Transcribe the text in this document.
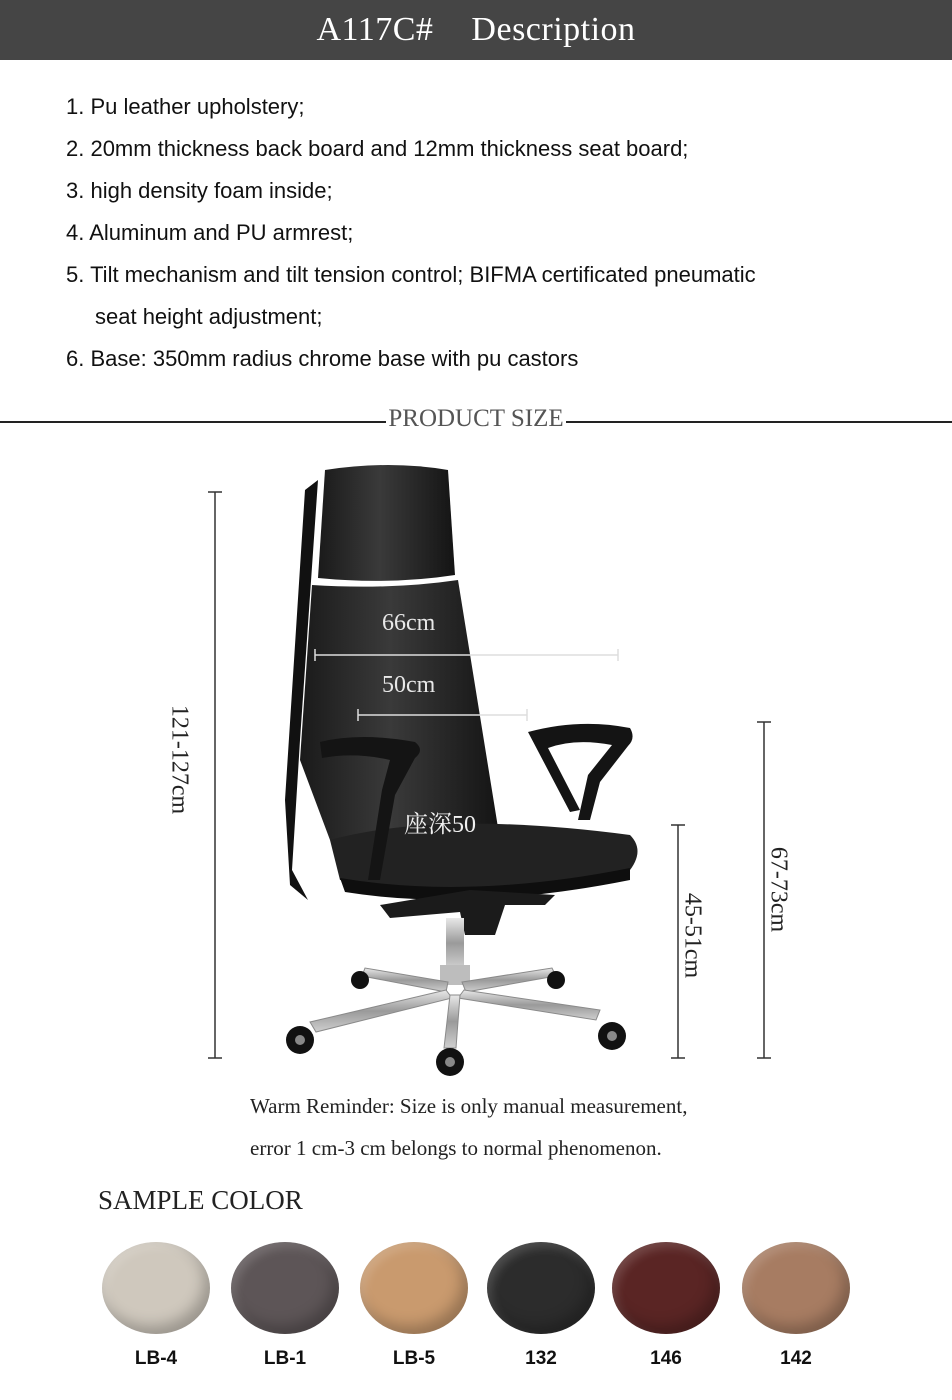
A117C# Description
1. Pu leather upholstery;
2. 20mm thickness back board and 12mm thickness seat board;
3. high density foam inside;
4. Aluminum and PU armrest;
5. Tilt mechanism and tilt tension control; BIFMA certificated pneumatic
seat height adjustment;
6. Base: 350mm radius chrome base with pu castors
PRODUCT SIZE
66cm
50cm
座深50
121-127cm
45-51cm
67-73cm
Warm Reminder: Size is only manual measurement,
error 1 cm-3 cm belongs to normal phenomenon.
SAMPLE COLOR
LB-4	LB-1	LB-5	132	146	142
